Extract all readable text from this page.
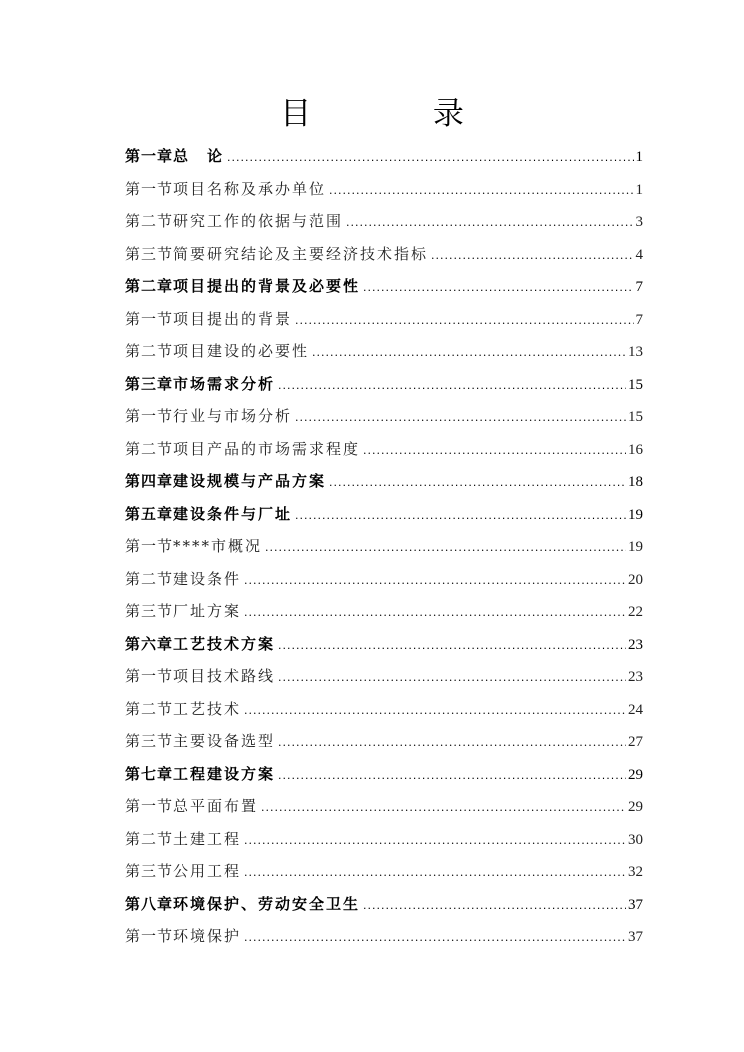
目 录
第一章 总　论 .....	1
第一节 项目名称及承办单位 .....	1
第二节 研究工作的依据与范围 .....	3
第三节 简要研究结论及主要经济技术指标 .....	4
第二章 项目提出的背景及必要性 .....	7
第一节 项目提出的背景 .....	7
第二节 项目建设的必要性 .....	13
第三章 市场需求分析 .....	15
第一节 行业与市场分析 .....	15
第二节 项目产品的市场需求程度 .....	16
第四章 建设规模与产品方案 .....	18
第五章 建设条件与厂址 .....	19
第一节 ****市概况 .....	19
第二节 建设条件 .....	20
第三节 厂址方案 .....	22
第六章 工艺技术方案 .....	23
第一节 项目技术路线 .....	23
第二节 工艺技术 .....	24
第三节 主要设备选型 .....	27
第七章 工程建设方案 .....	29
第一节 总平面布置 .....	29
第二节 土建工程 .....	30
第三节 公用工程 .....	32
第八章 环境保护、劳动安全卫生 .....	37
第一节 环境保护 .....	37
